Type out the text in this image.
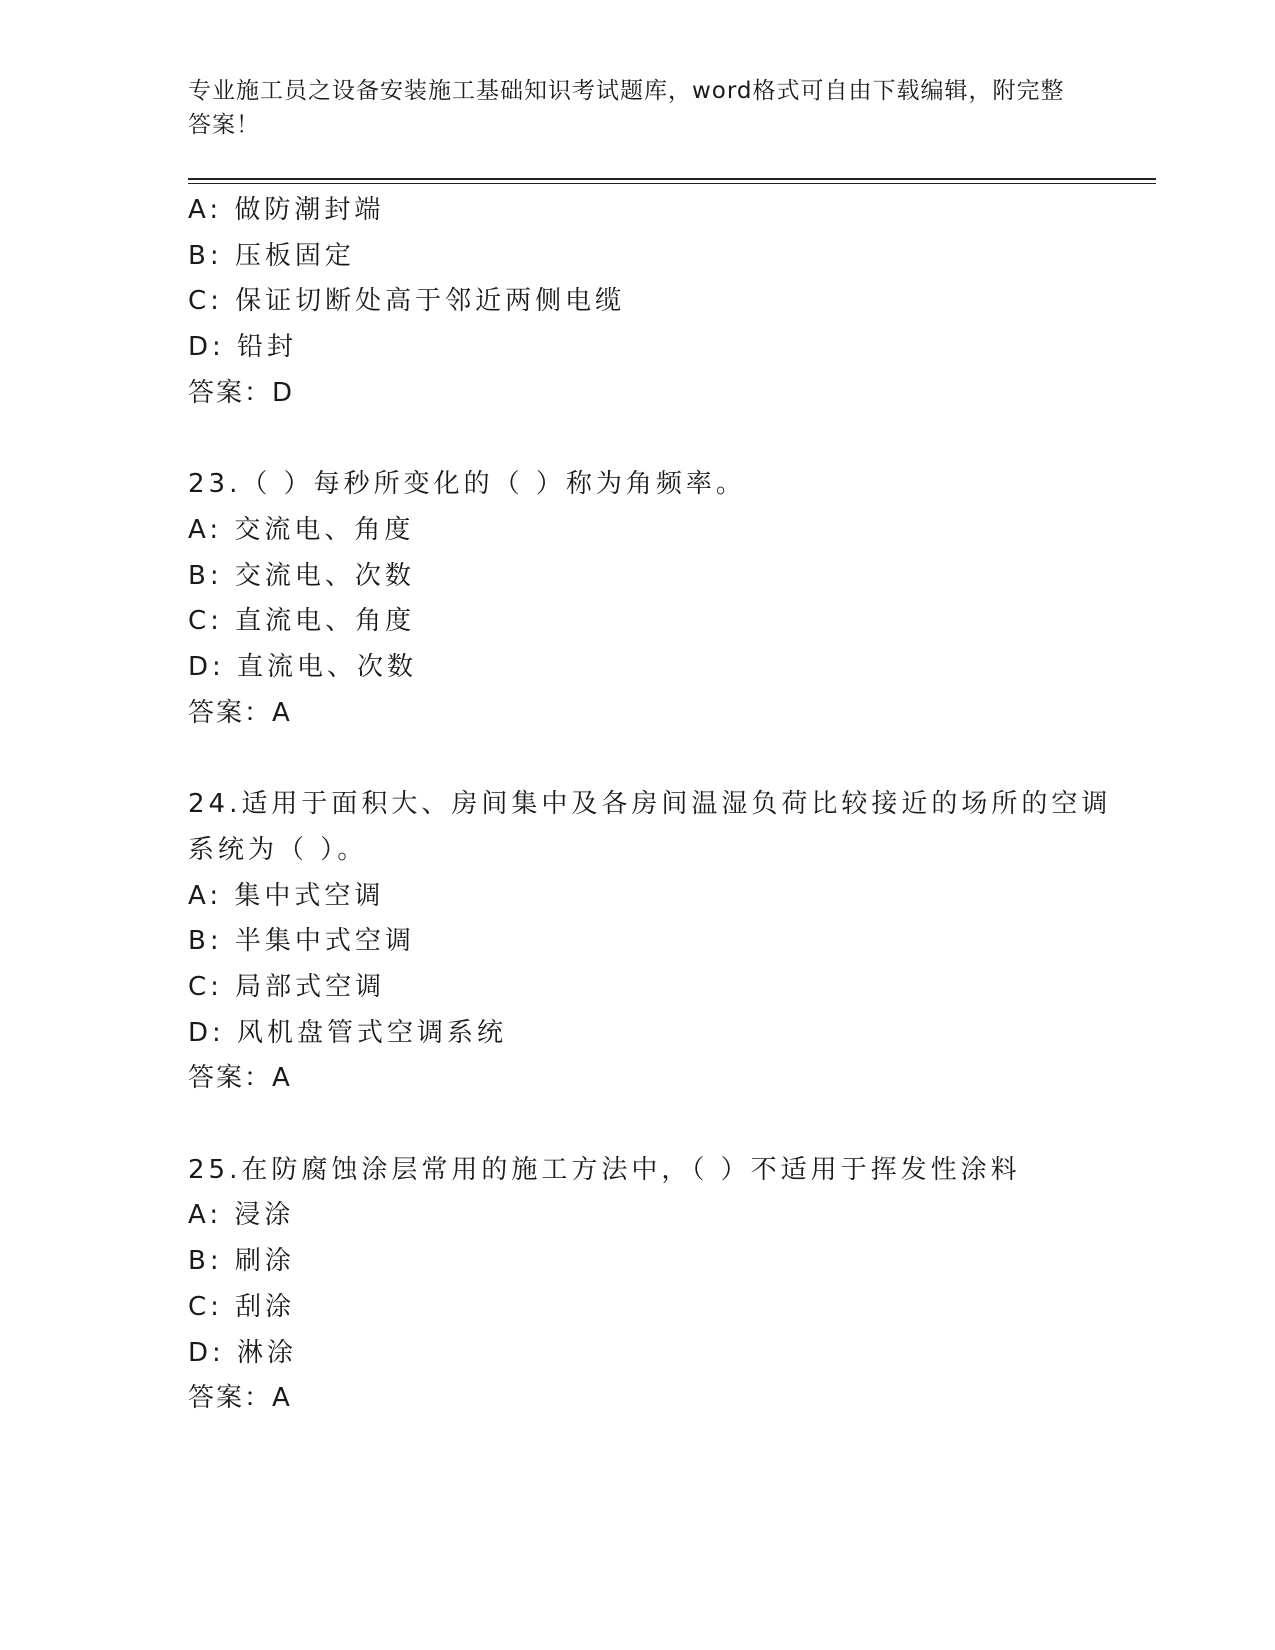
专业施工员之设备安装施工基础知识考试题库，word格式可自由下载编辑，附完整答案！
A: 做防潮封端
B: 压板固定
C: 保证切断处高于邻近两侧电缆
D: 铅封
答案：D
23.（ ）每秒所变化的（ ）称为角频率。
A: 交流电、角度
B: 交流电、次数
C: 直流电、角度
D: 直流电、次数
答案：A
24.适用于面积大、房间集中及各房间温湿负荷比较接近的场所的空调
系统为（ ）。
A: 集中式空调
B: 半集中式空调
C: 局部式空调
D: 风机盘管式空调系统
答案：A
25.在防腐蚀涂层常用的施工方法中，（ ）不适用于挥发性涂料
A: 浸涂
B: 刷涂
C: 刮涂
D: 淋涂
答案：A
